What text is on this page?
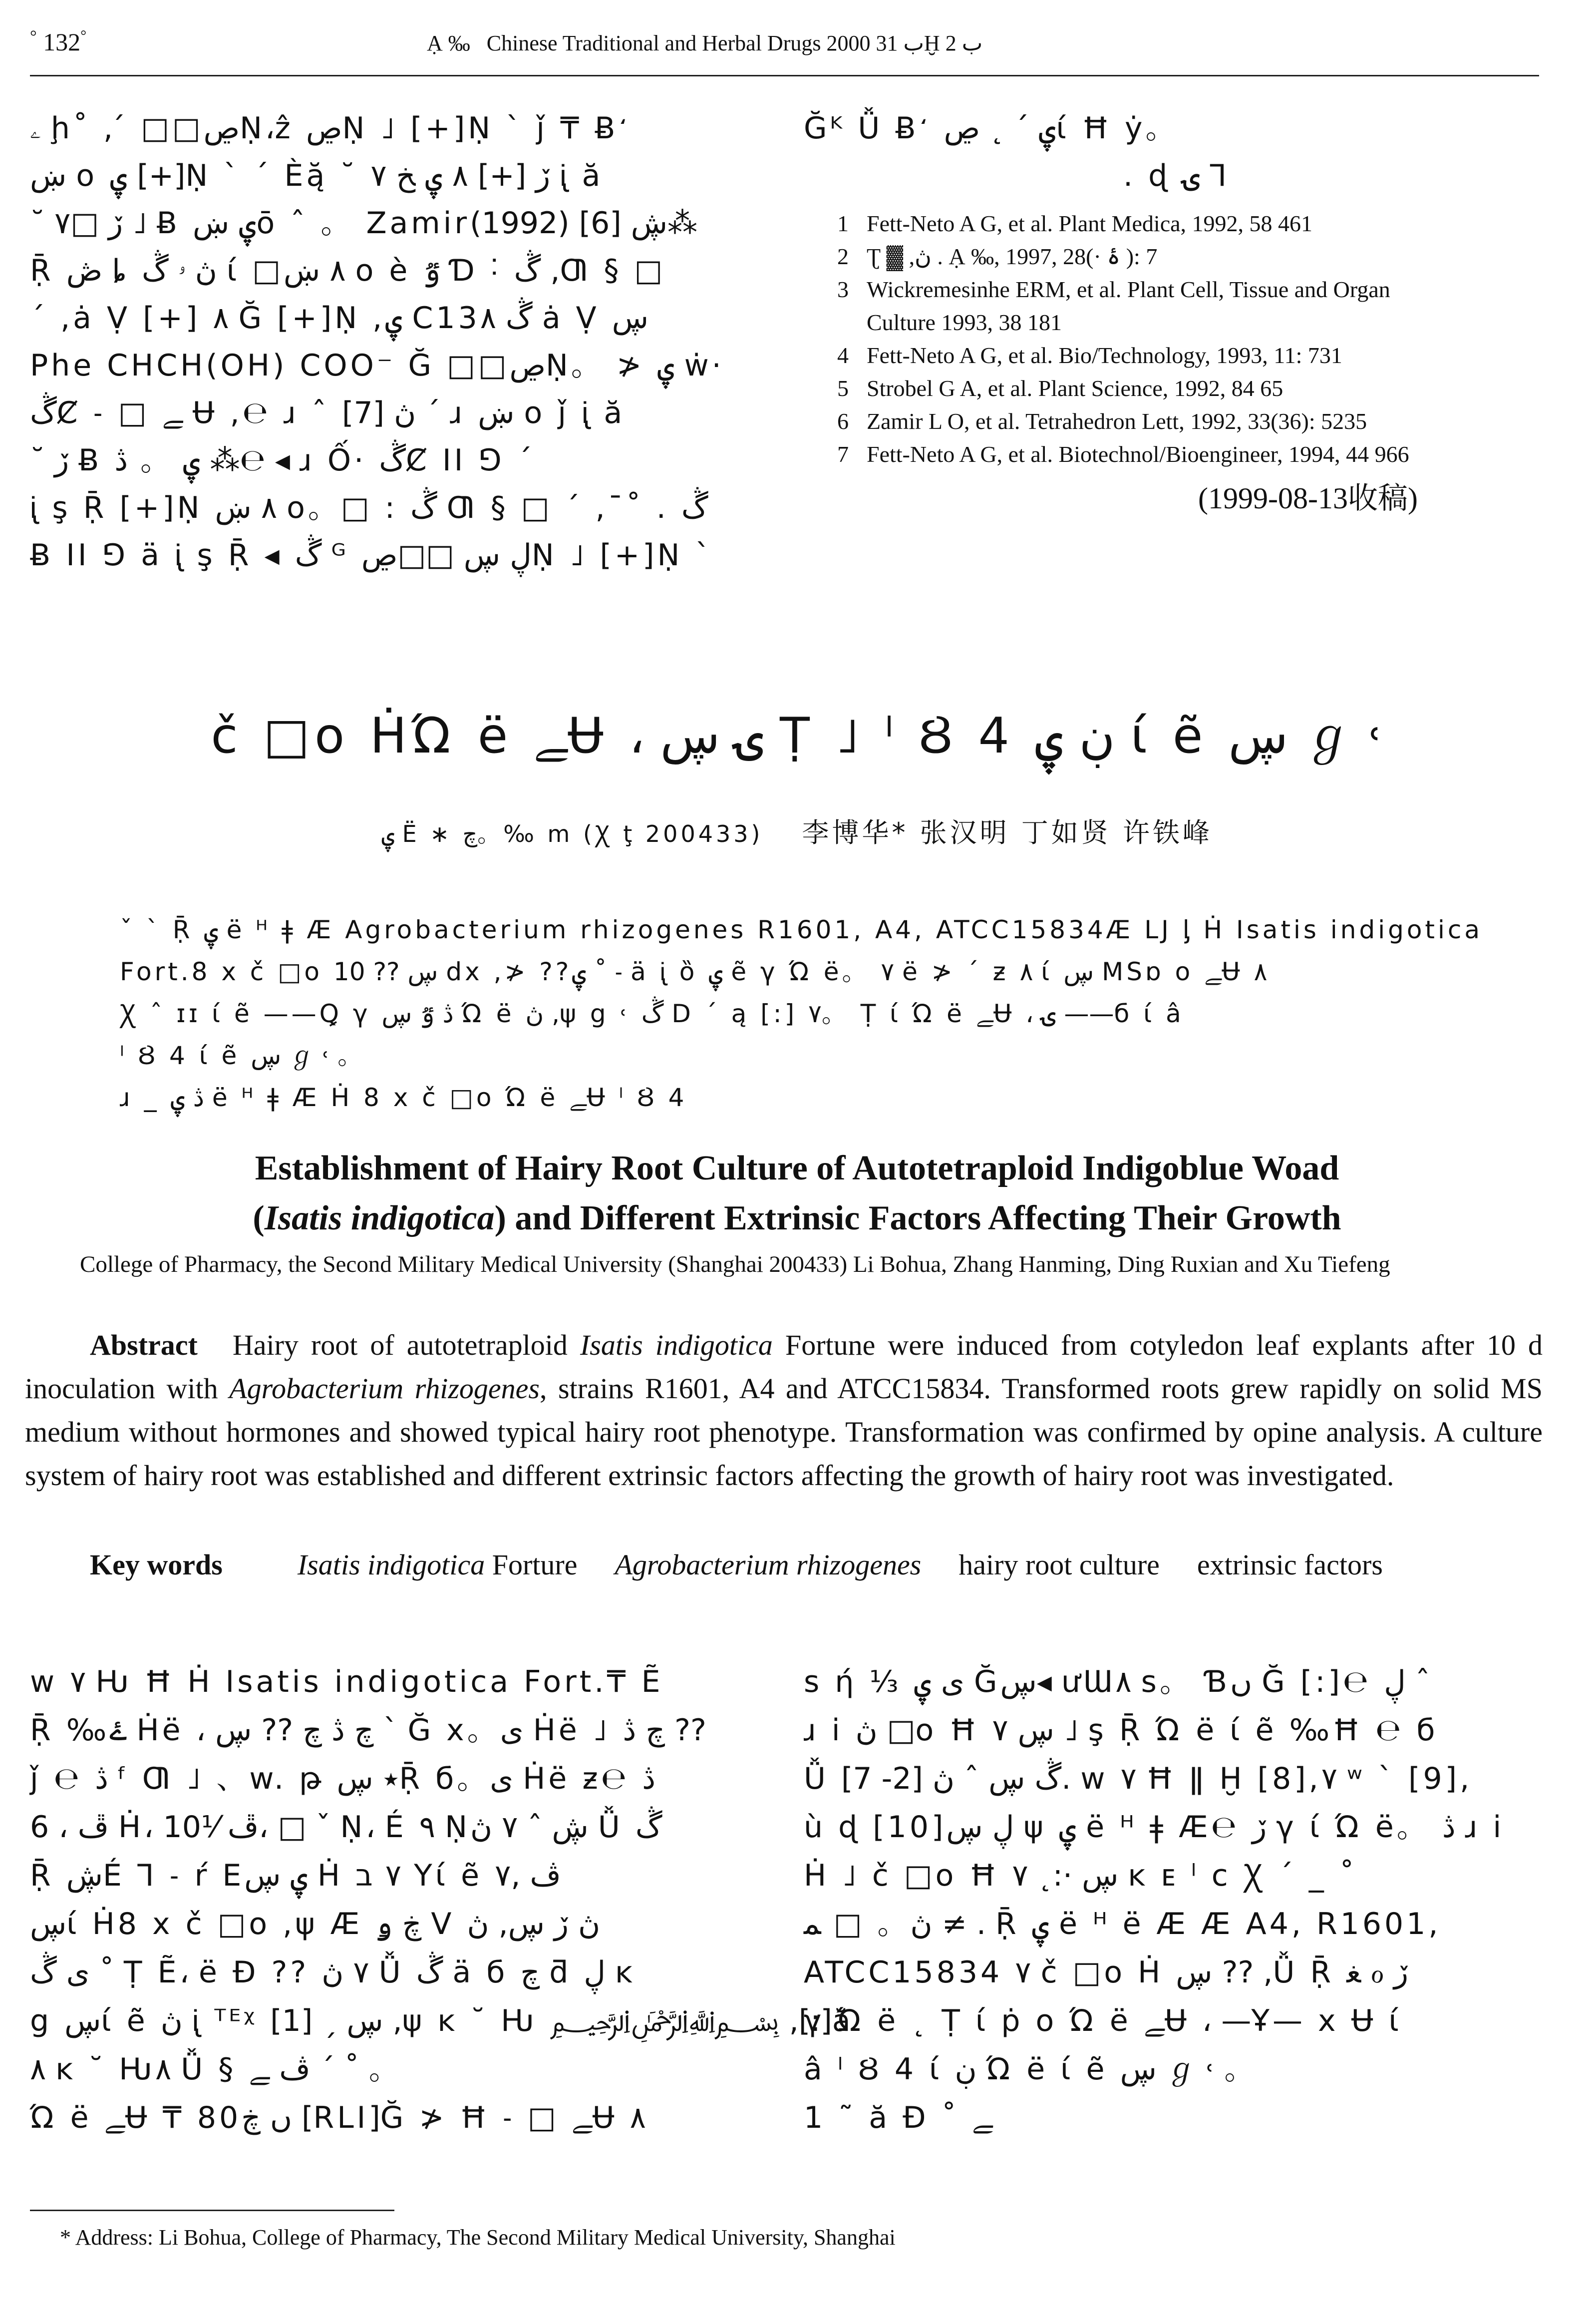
° 132°	Ạ ‰ Chinese Traditional and Herbal Drugs 2000 ب 31Ḫ ب 2
ۦ ḩ˚ , ́ □□ڝṆ،ẑ ڝṆ ˩ [+]Ṇ ˋ ǰ ₸ Ƀ ̒
ښ ο ۑ [+]Ṇ ˋ ˊ Èą̆ ˘ ڒ [+] ٨ ۑ ﺦ ٧ ᶖ ӑ
˘ ڒ □٧ ˩ Ƀ ۑ ښō ˆ 。 Zamirڜ [6] (1992)⁂
Ṝ ڞ ȴ ڽ ۥ ڴ ί □٨ ښ ο è ٷ Ɗ ˸ ڴ ,Ƣ § □
ˊ ,ȧ Ṿ [+] ٨ Ğ [+]Ṇ ,ۑ C13ڴ ٨ ȧ Ṿ ڛ
Phe CHCH(OH) COO⁻ Ğ □□ڝṆ。 ≯ ۑ ẇ·
ڴȻ ˗ □ ﮯ Ʉ ,℮ ɹ ˆ ڽ [7] ˊ ɹ ښ ο ǰ ᶖ ӑ
˘ ڒ Ƀ ۑ 。 ڎ ⁂℮ ◂ ɹ Ố· ڴȻ II ⅁ ˊ
ᶖ ş Ṝ [+]Ṇ ٨ ښ ο。□ : ڴ Ƣ § □ ˊ ,¯˚ . ڴ
Ƀ II ⅁ ä ᶖ ş Ṝ ◂ ڴ ᴳ ڸ ڛ □□ڝṆ ˩ [+]Ṇ ˋ
Ğᴷ Ǚ Ƀ ̒ ۑ ˊ ˛ ڝί Ħ ẏ。
. ɖ ۍ Ꞁ
1 Fett-Neto A G, et al. Plant Medica, 1992, 58 461
2 Ʈ ▓ ,ڽ . Ạ ‰, 1997, 28(· ۂ ): 7
3 Wickremesinhe ERM, et al. Plant Cell, Tissue and Organ
Culture 1993, 38 181
4 Fett-Neto A G, et al. Bio/Technology, 1993, 11: 731
5 Strobel G A, et al. Plant Science, 1992, 84 65
6 Zamir L O, et al. Tetrahedron Lett, 1992, 33(36): 5235
7 Fett-Neto A G, et al. Biotechnol/Bioengineer, 1994, 44 966
(1999-08-13收稿)
č □ο ḢΏ ë ﮯɄ ، ۍ ڛ Ṭ ˩ ˡ Ȣ 4 ڹ ۑ ί ẽ ڛ ℊ ˓
ۑ Ë ∗ ﭺ。‰ m (Ꭓ ţ 200433) 李博华* 张汉明 丁如贤 许铁峰
ˇ ˋ Ṝ ۑ ë ᴴ ǂ Æ Agrobacterium rhizogenes R1601, A4, ATCC15834Æ LJ ᶅ Ḣ Isatis indigotica
Fort.8 x č □ο ڛ ?? 10 dx ,≯ ??ۑ ˚ ˗ ä ᶖ ȍ ۑ ẽ γ Ώ ë。 ٧ ë ≯ ˊ ƶ ٨ ί ڛ MSɒ ο ﮯɄ ٨
Ꭓ ˆ ɪɪ ί ẽ ——Ꝗ γ ڎ ٷ ڛ Ώ ë ڽ ,ψ g ˓ ڴ D ˊ ą [:] ٧。 Ṭ ί Ώ ë ﮯɄ ، ۍ ——б ί â
ˡ Ȣ 4 ί ẽ ڛ ℊ ˓ 。
ɹ _ ڎ ۑ ë ᴴ ǂ Æ Ḣ 8 x č □ο Ώ ë ﮯɄ ˡ Ȣ 4
Establishment of Hairy Root Culture of Autotetraploid Indigoblue Woad
(Isatis indigotica) and Different Extrinsic Factors Affecting Their Growth
College of Pharmacy, the Second Military Medical University (Shanghai 200433) Li Bohua, Zhang Hanming, Ding Ruxian and Xu Tiefeng
Abstract Hairy root of autotetraploid Isatis indigotica Fortune were induced from cotyledon leaf explants after 10 d inoculation with Agrobacterium rhizogenes, strains R1601, A4 and ATCC15834. Transformed roots grew rapidly on solid MS medium without hormones and showed typical hairy root phenotype. Transformation was confirmed by opine analysis. A culture system of hairy root was established and different extrinsic factors affecting the growth of hairy root was investigated.
Key words	Isatis indigotica Forture Agrobacterium rhizogenes hairy root culture extrinsic factors
w ٧ Ƕ Ħ Ḣ Isatis indigotica Fort.₸ Ẽ
Ṝ ‰ۓ Ḣë ، ﭺ ڎ ﭺ ?? ڛ ˋ Ğ x。ی Ḣë ˩ ﭺ ڎ ??
ǰ ℮ ڎ ᶠ Ƣ ˩ 、w. թ ٭ ڛṜ б。ی Ḣë ƶ℮ ڎ
6 ، ڦ Ḣ، ڦ ⅟10، □ ˇ Ṇ، É ۹ Ṇڜ ˆ ٧ ڽ Ǚ ڴ
Ṝ ڜÉ Ꞁ ˗ ŕ Eۑ ڛ Ḣ ٧ ב Yί ẽ ڤ ,٧
ڛί Ḣ8 x č □ο ,ψ Æ ڿ ۅ V ڽ ڒ ڛ, ڽ
ی ڴ ˚ Ṭ Ẽ، ë Ɖ ?? ٧ ڽ Ǚ ڴ ä б ﭺ ƌ ڸ ĸ
g ڛί ẽ ڽ ᶖ ᵀᴱᵡ ڛ ˏ [1] ,ψ ĸ ˘ Ƕ ﷽ ,[:]ӑ
٨ ĸ ˘ Ƕ٨ Ǚ § ڤ ﮯ ˊ ˚ 。
Ώ ë ﮯɄ ₸ 80ں ڿ [RLI]Ğ ≯ Ħ ˗ □ ﮯɄ ٨
s ή ⅓ ی ۑ Ğڛ◂ ưƜ٨ s。 Ɓں Ğ [:]℮ ڸ ˆ
ɹ i ڽ □ο Ħ ڛ ٧ ˩ ş Ṝ Ώ ë ί ẽ ‰Ħ ℮ б
Ǚ ڴ ڛ ˆ ڽ [2- 7]. w ٧ Ħ ǁ Ḫ [8],٧ ʷ ˋ [9],
ù ɖ [10]ڸ ڛ ψ ۑ ë ᴴ ǂ Æ℮ ڒ γ ί Ώ ë。 ڎ ɹ i
Ḣ ˩ č □ο Ħ ڛ ·:˛ ٧ ĸ ᴇ ˡ c Ꭓ ˊ _ ˚
ڽ。 □ ﻤ ≠ . Ṝ ۑ ë ᴴ ë Æ Æ A4, R1601,
ATCC15834 ٧ č □ο Ḣ ڛ ?? ,Ǚ Ṝ ﻐ ℴ ڒ
γ Ώ ë ˛ Ṭ ί ṗ ο Ώ ë ﮯɄ ، —Ұ— x Ʉ ί
â ˡ Ȣ 4 ί ڹ Ώ ë ί ẽ ڛ ℊ ˓ 。
1 ˜ ă Ɖ ˚ ﮯ
* Address: Li Bohua, College of Pharmacy, The Second Military Medical University, Shanghai
